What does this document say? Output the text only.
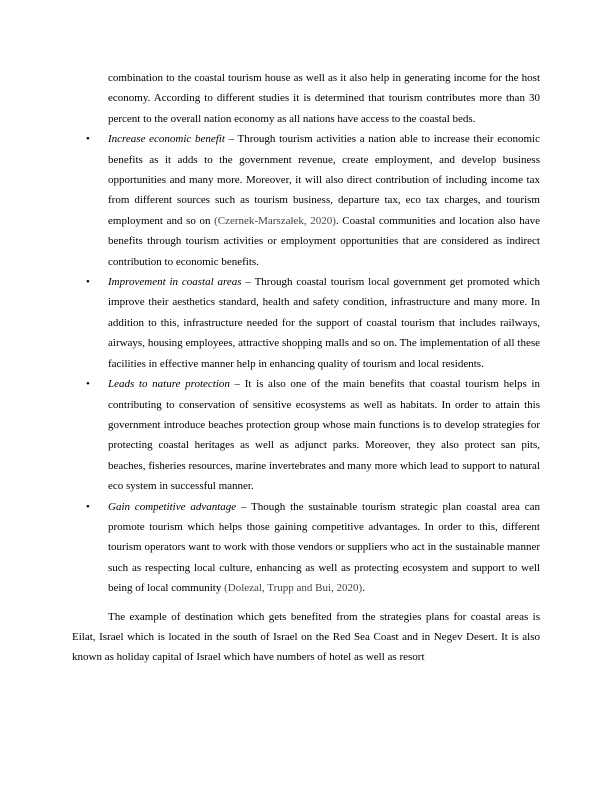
combination to the coastal tourism house as well as it also help in generating income for the host economy. According to different studies it is determined that tourism contributes more than 30 percent to the overall nation economy as all nations have access to the coastal beds.
• Increase economic benefit – Through tourism activities a nation able to increase their economic benefits as it adds to the government revenue, create employment, and develop business opportunities and many more. Moreover, it will also direct contribution of including income tax from different sources such as tourism business, departure tax, eco tax charges, and tourism employment and so on (Czernek-Marszałek, 2020). Coastal communities and location also have benefits through tourism activities or employment opportunities that are considered as indirect contribution to economic benefits.
• Improvement in coastal areas – Through coastal tourism local government get promoted which improve their aesthetics standard, health and safety condition, infrastructure and many more. In addition to this, infrastructure needed for the support of coastal tourism that includes railways, airways, housing employees, attractive shopping malls and so on. The implementation of all these facilities in effective manner help in enhancing quality of tourism and local residents.
• Leads to nature protection – It is also one of the main benefits that coastal tourism helps in contributing to conservation of sensitive ecosystems as well as habitats. In order to attain this government introduce beaches protection group whose main functions is to develop strategies for protecting coastal heritages as well as adjunct parks. Moreover, they also protect san pits, beaches, fisheries resources, marine invertebrates and many more which lead to support to natural eco system in successful manner.
• Gain competitive advantage – Though the sustainable tourism strategic plan coastal area can promote tourism which helps those gaining competitive advantages. In order to this, different tourism operators want to work with those vendors or suppliers who act in the sustainable manner such as respecting local culture, enhancing as well as protecting ecosystem and support to well being of local community (Dolezal, Trupp and Bui, 2020).

The example of destination which gets benefited from the strategies plans for coastal areas is Eilat, Israel which is located in the south of Israel on the Red Sea Coast and in Negev Desert. It is also known as holiday capital of Israel which have numbers of hotel as well as resort
